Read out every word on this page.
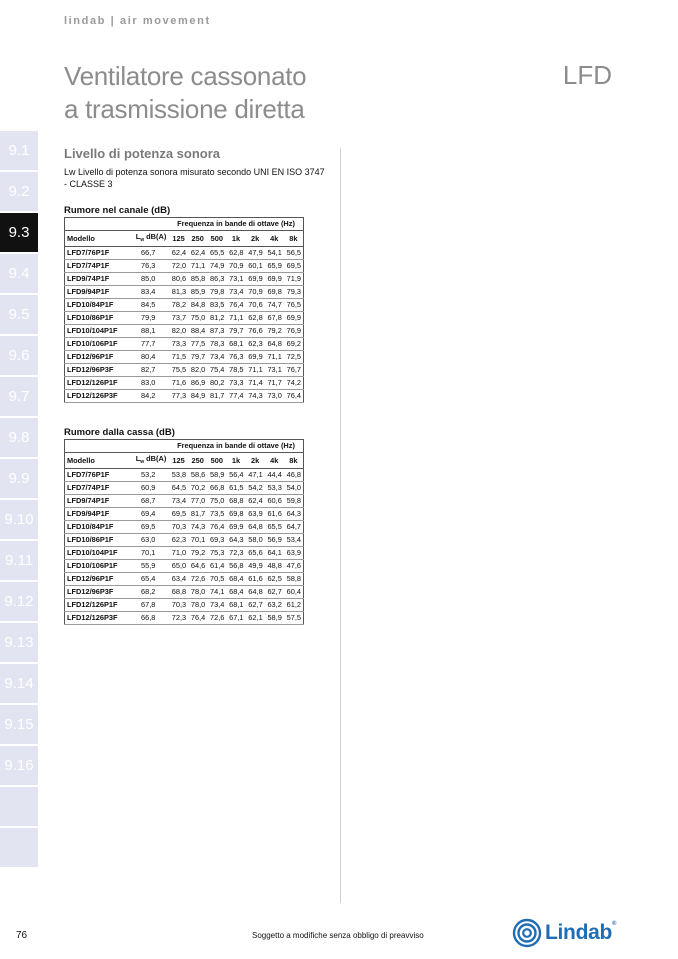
lindab | air movement
Ventilatore cassonato
a trasmissione diretta
LFD
9.1
9.2
9.3
9.4
9.5
9.6
9.7
9.8
9.9
9.10
9.11
9.12
9.13
9.14
9.15
9.16
Livello di potenza sonora
Lw Livello di potenza sonora misurato secondo UNI EN ISO 3747 - CLASSE 3
Rumore nel canale (dB)
		Frequenza in bande di ottave (Hz)						
Modello	$L_w$ dB(A)	125	250	500	1k	2k	4k	8k
LFD7/76P1F	66,7	62,4	62,4	65,5	62,8	47,9	54,1	56,5
LFD7/74P1F	76,3	72,0	71,1	74,9	70,9	60,1	65,9	69,5
LFD9/74P1F	85,0	80,6	85,8	86,3	73,1	69,9	69,9	71,9
LFD9/94P1F	83,4	81,3	85,9	79,8	73,4	70,9	69,8	79,3
LFD10/84P1F	84,5	78,2	84,8	83,5	76,4	70,6	74,7	76,5
LFD10/86P1F	79,9	73,7	75,0	81,2	71,1	62,8	67,8	69,9
LFD10/104P1F	88,1	82,0	88,4	87,3	79,7	76,6	79,2	76,9
LFD10/106P1F	77,7	73,3	77,5	78,3	68,1	62,3	64,8	69,2
LFD12/96P1F	80,4	71,5	79,7	73,4	76,3	69,9	71,1	72,5
LFD12/96P3F	82,7	75,5	82,0	75,4	78,5	71,1	73,1	76,7
LFD12/126P1F	83,0	71,6	86,9	80,2	73,3	71,4	71,7	74,2
LFD12/126P3F	84,2	77,3	84,9	81,7	77,4	74,3	73,0	76,4
Rumore dalla cassa (dB)
		Frequenza in bande di ottave (Hz)						
Modello	$L_w$ dB(A)	125	250	500	1k	2k	4k	8k
LFD7/76P1F	53,2	53,8	58,6	58,9	56,4	47,1	44,4	46,8
LFD7/74P1F	60,9	64,5	70,2	66,8	61,5	54,2	53,3	54,0
LFD9/74P1F	68,7	73,4	77,0	75,0	68,8	62,4	60,6	59,8
LFD9/94P1F	69,4	69,5	81,7	73,5	69,8	63,9	61,6	64,3
LFD10/84P1F	69,5	70,3	74,3	76,4	69,9	64,8	65,5	64,7
LFD10/86P1F	63,0	62,3	70,1	69,3	64,3	58,0	56,9	53,4
LFD10/104P1F	70,1	71,0	79,2	75,3	72,3	65,6	64,1	63,9
LFD10/106P1F	55,9	65,0	64,6	61,4	56,8	49,9	48,8	47,6
LFD12/96P1F	65,4	63,4	72,6	70,5	68,4	61,6	62,5	58,8
LFD12/96P3F	68,2	68,8	78,0	74,1	68,4	64,8	62,7	60,4
LFD12/126P1F	67,8	70,3	78,0	73,4	68,1	62,7	63,2	61,2
LFD12/126P3F	66,8	72,3	76,4	72,6	67,1	62,1	58,9	57,5
76	Soggetto a modifiche senza obbligo di preavviso	Lindab®
